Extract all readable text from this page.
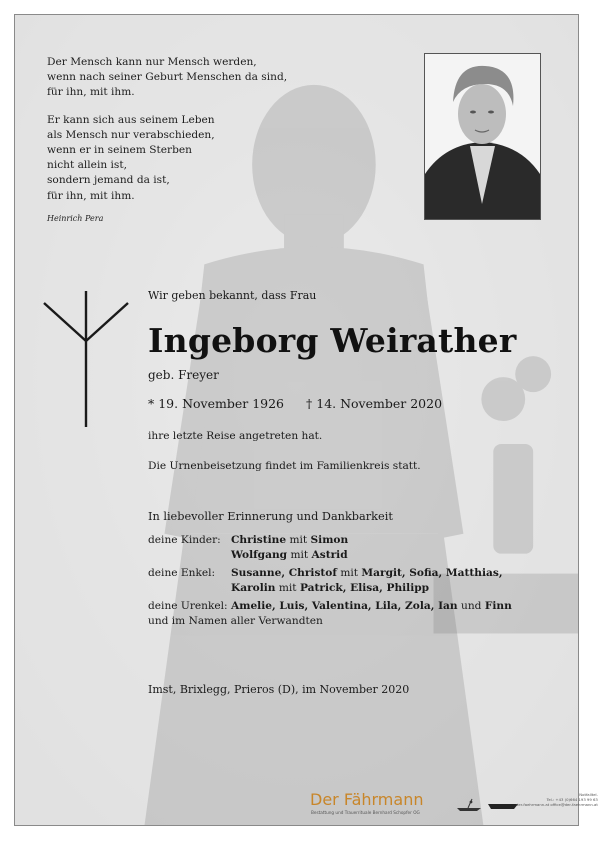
Der Mensch kann nur Mensch werden,
wenn nach seiner Geburt Menschen da sind,
für ihn, mit ihm.
Er kann sich aus seinem Leben
als Mensch nur verabschieden,
wenn er in seinem Sterben
nicht allein ist,
sondern jemand da ist,
für ihn, mit ihm.
Heinrich Pera
Wir geben bekannt, dass Frau
Ingeborg Weirather
geb. Freyer
* 19. November 1926 † 14. November 2020
ihre letzte Reise angetreten hat.
Die Urnenbeisetzung findet im Familienkreis statt.
In liebevoller Erinnerung und Dankbarkeit
deine Kinder: Christine mit Simon
Wolfgang mit Astrid
deine Enkel: Susanne, Christof mit Margit, Sofia, Matthias,
Karolin mit Patrick, Elisa, Philipp
deine Urenkel: Amelie, Luis, Valentina, Lila, Zola, Ian und Finn
und im Namen aller Verwandten
Imst, Brixlegg, Prieros (D), im November 2020
Der Fährmann
Bestattung und Trauerrituale Bernhard Schopfer OG
Notfalltel.
Tel.: +43 (0)664 193 99 63
der-faehrmann.at office@der-faehrmann.at
